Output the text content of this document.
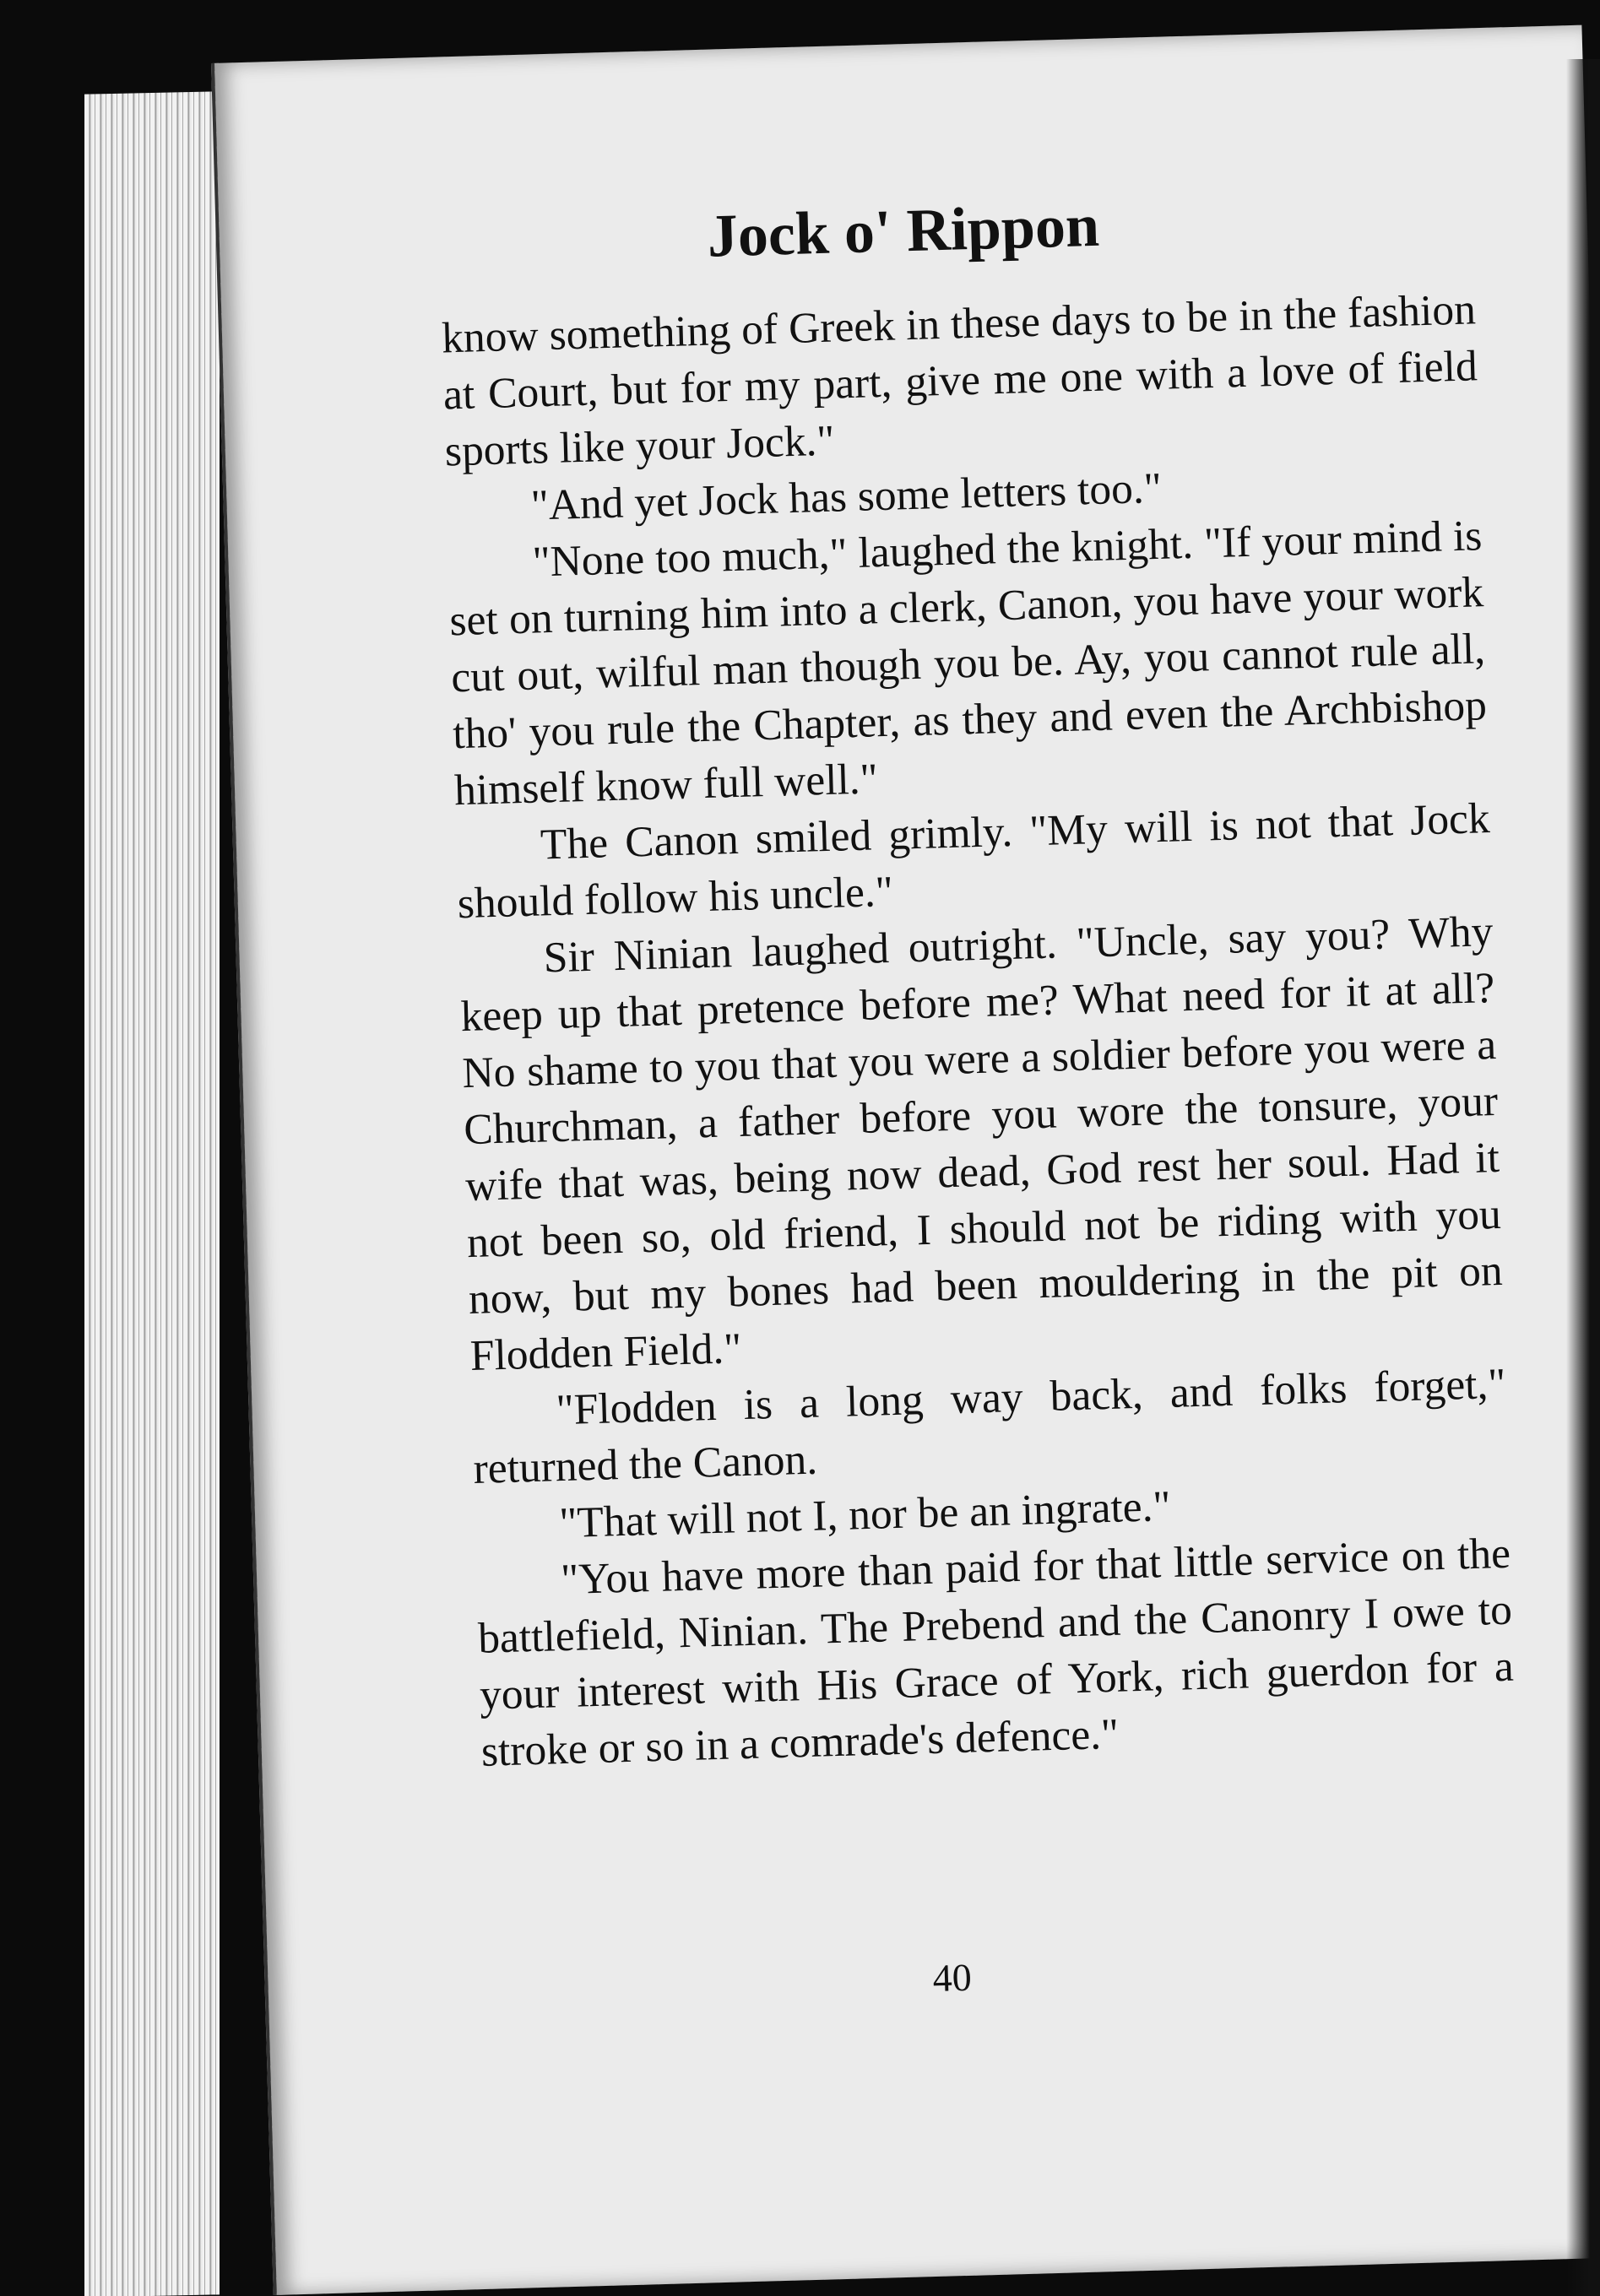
Jock o' Rippon

know something of Greek in these days to be in the fashion at Court, but for my part, give me one with a love of field sports like your Jock."

"And yet Jock has some letters too."

"None too much," laughed the knight. "If your mind is set on turning him into a clerk, Canon, you have your work cut out, wilful man though you be. Ay, you cannot rule all, tho' you rule the Chapter, as they and even the Archbishop himself know full well."

The Canon smiled grimly. "My will is not that Jock should follow his uncle."

Sir Ninian laughed outright. "Uncle, say you? Why keep up that pretence before me? What need for it at all? No shame to you that you were a soldier before you were a Churchman, a father before you wore the tonsure, your wife that was, being now dead, God rest her soul. Had it not been so, old friend, I should not be riding with you now, but my bones had been mouldering in the pit on Flodden Field."

"Flodden is a long way back, and folks forget," returned the Canon.

"That will not I, nor be an ingrate."

"You have more than paid for that little service on the battlefield, Ninian. The Prebend and the Canonry I owe to your interest with His Grace of York, rich guerdon for a stroke or so in a comrade's defence."

40
